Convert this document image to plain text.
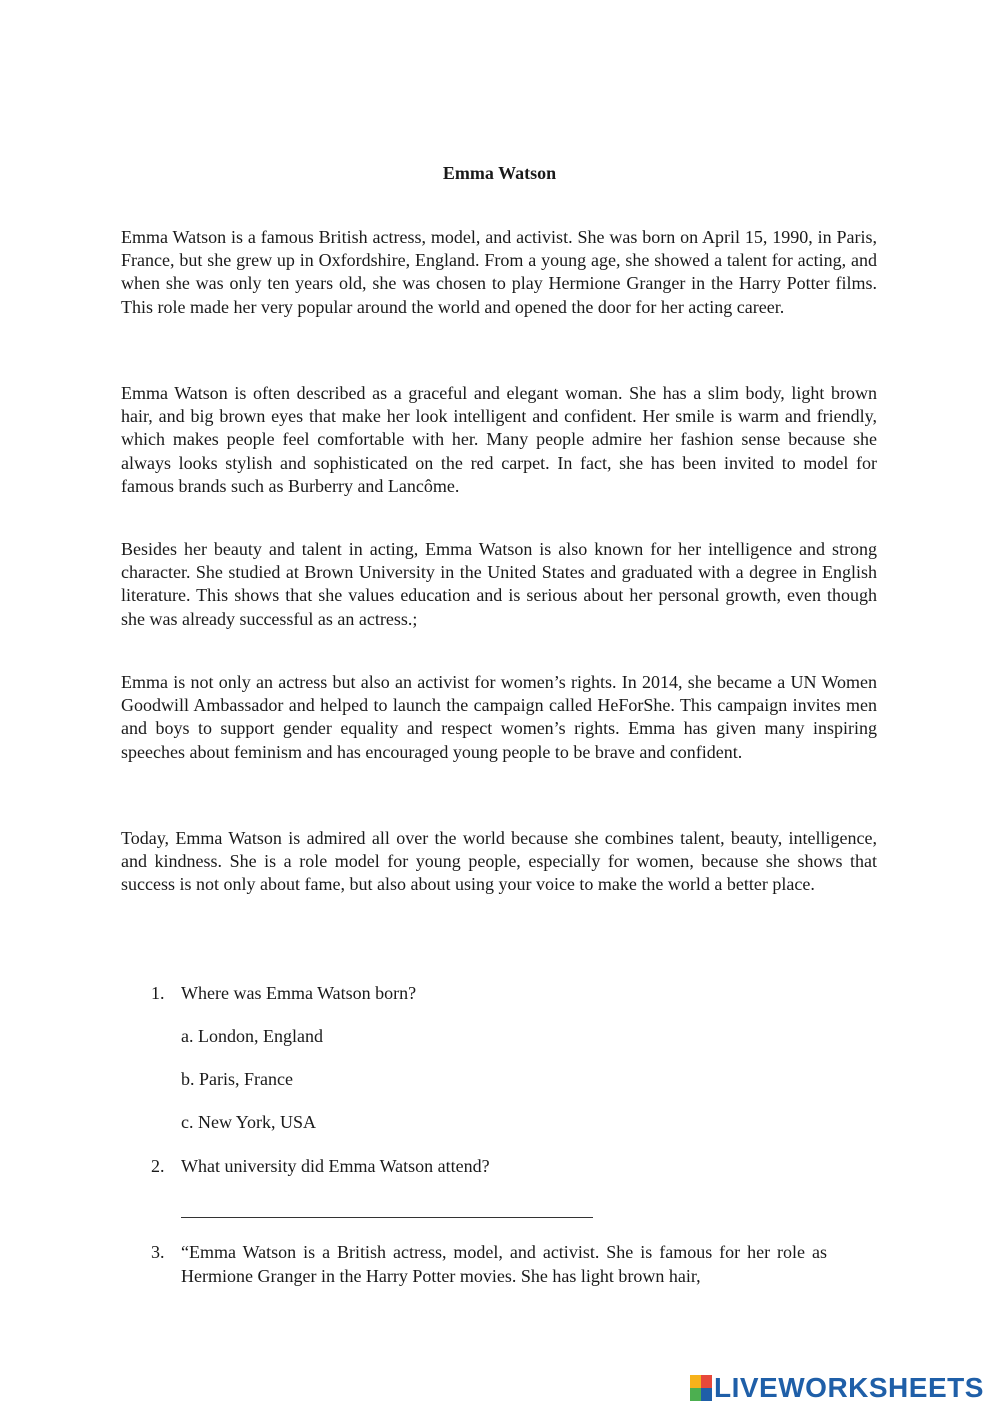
Emma Watson

Emma Watson is a famous British actress, model, and activist. She was born on April 15, 1990, in Paris, France, but she grew up in Oxfordshire, England. From a young age, she showed a talent for acting, and when she was only ten years old, she was chosen to play Hermione Granger in the Harry Potter films. This role made her very popular around the world and opened the door for her acting career.

Emma Watson is often described as a graceful and elegant woman. She has a slim body, light brown hair, and big brown eyes that make her look intelligent and confident. Her smile is warm and friendly, which makes people feel comfortable with her. Many people admire her fashion sense because she always looks stylish and sophisticated on the red carpet. In fact, she has been invited to model for famous brands such as Burberry and Lancôme.

Besides her beauty and talent in acting, Emma Watson is also known for her intelligence and strong character. She studied at Brown University in the United States and graduated with a degree in English literature. This shows that she values education and is serious about her personal growth, even though she was already successful as an actress.;

Emma is not only an actress but also an activist for women’s rights. In 2014, she became a UN Women Goodwill Ambassador and helped to launch the campaign called HeForShe. This campaign invites men and boys to support gender equality and respect women’s rights. Emma has given many inspiring speeches about feminism and has encouraged young people to be brave and confident.

Today, Emma Watson is admired all over the world because she combines talent, beauty, intelligence, and kindness. She is a role model for young people, especially for women, because she shows that success is not only about fame, but also about using your voice to make the world a better place.

1. Where was Emma Watson born?
a. London, England
b. Paris, France
c. New York, USA
2. What university did Emma Watson attend?
3. “Emma Watson is a British actress, model, and activist. She is famous for her role as Hermione Granger in the Harry Potter movies. She has light brown hair,

LIVEWORKSHEETS
